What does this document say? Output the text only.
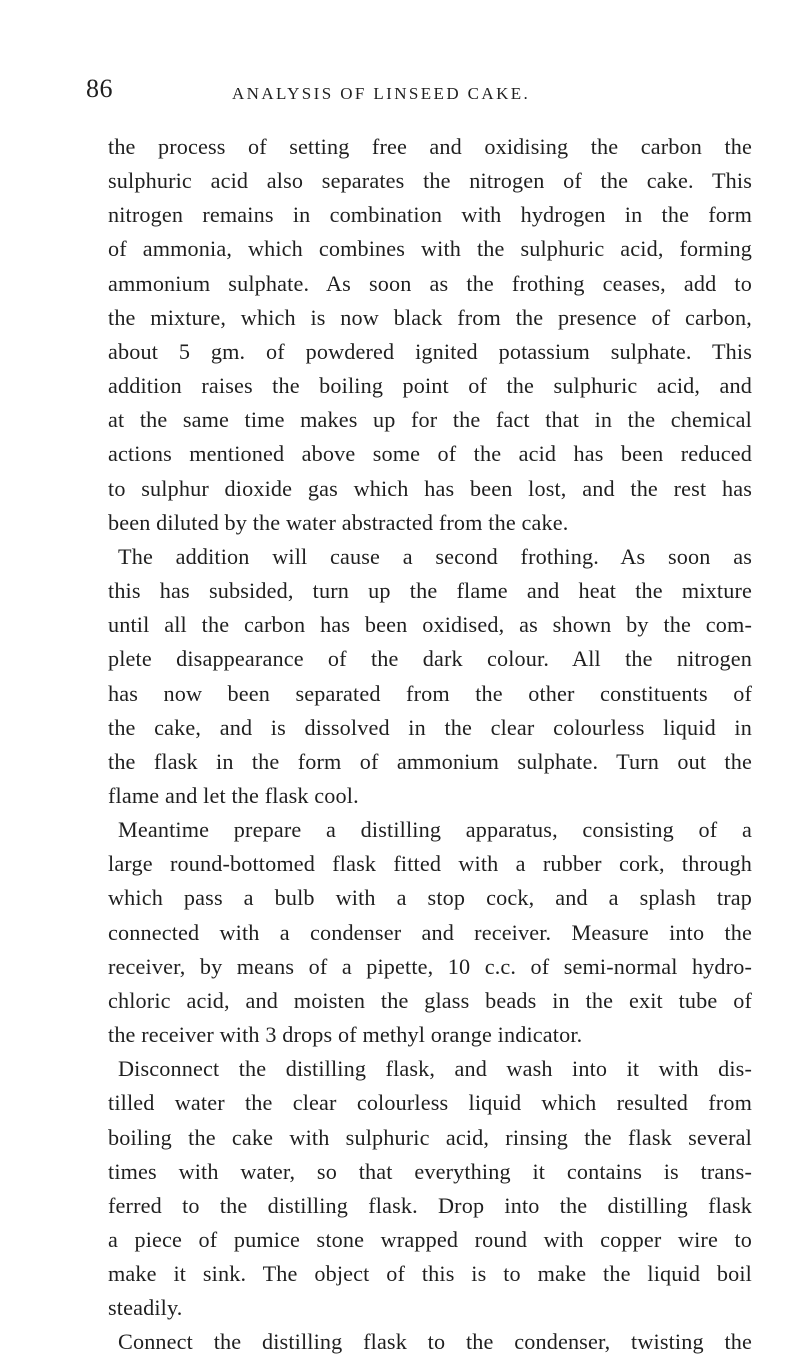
86	ANALYSIS OF LINSEED CAKE.
the process of setting free and oxidising the carbon the
sulphuric acid also separates the nitrogen of the cake. This
nitrogen remains in combination with hydrogen in the form
of ammonia, which combines with the sulphuric acid, forming
ammonium sulphate. As soon as the frothing ceases, add to
the mixture, which is now black from the presence of carbon,
about 5 gm. of powdered ignited potassium sulphate. This
addition raises the boiling point of the sulphuric acid, and
at the same time makes up for the fact that in the chemical
actions mentioned above some of the acid has been reduced
to sulphur dioxide gas which has been lost, and the rest has
been diluted by the water abstracted from the cake.
The addition will cause a second frothing. As soon as
this has subsided, turn up the flame and heat the mixture
until all the carbon has been oxidised, as shown by the com-
plete disappearance of the dark colour. All the nitrogen
has now been separated from the other constituents of
the cake, and is dissolved in the clear colourless liquid in
the flask in the form of ammonium sulphate. Turn out the
flame and let the flask cool.
Meantime prepare a distilling apparatus, consisting of a
large round-bottomed flask fitted with a rubber cork, through
which pass a bulb with a stop cock, and a splash trap
connected with a condenser and receiver. Measure into the
receiver, by means of a pipette, 10 c.c. of semi-normal hydro-
chloric acid, and moisten the glass beads in the exit tube of
the receiver with 3 drops of methyl orange indicator.
Disconnect the distilling flask, and wash into it with dis-
tilled water the clear colourless liquid which resulted from
boiling the cake with sulphuric acid, rinsing the flask several
times with water, so that everything it contains is trans-
ferred to the distilling flask. Drop into the distilling flask
a piece of pumice stone wrapped round with copper wire to
make it sink. The object of this is to make the liquid boil
steadily.
Connect the distilling flask to the condenser, twisting the
